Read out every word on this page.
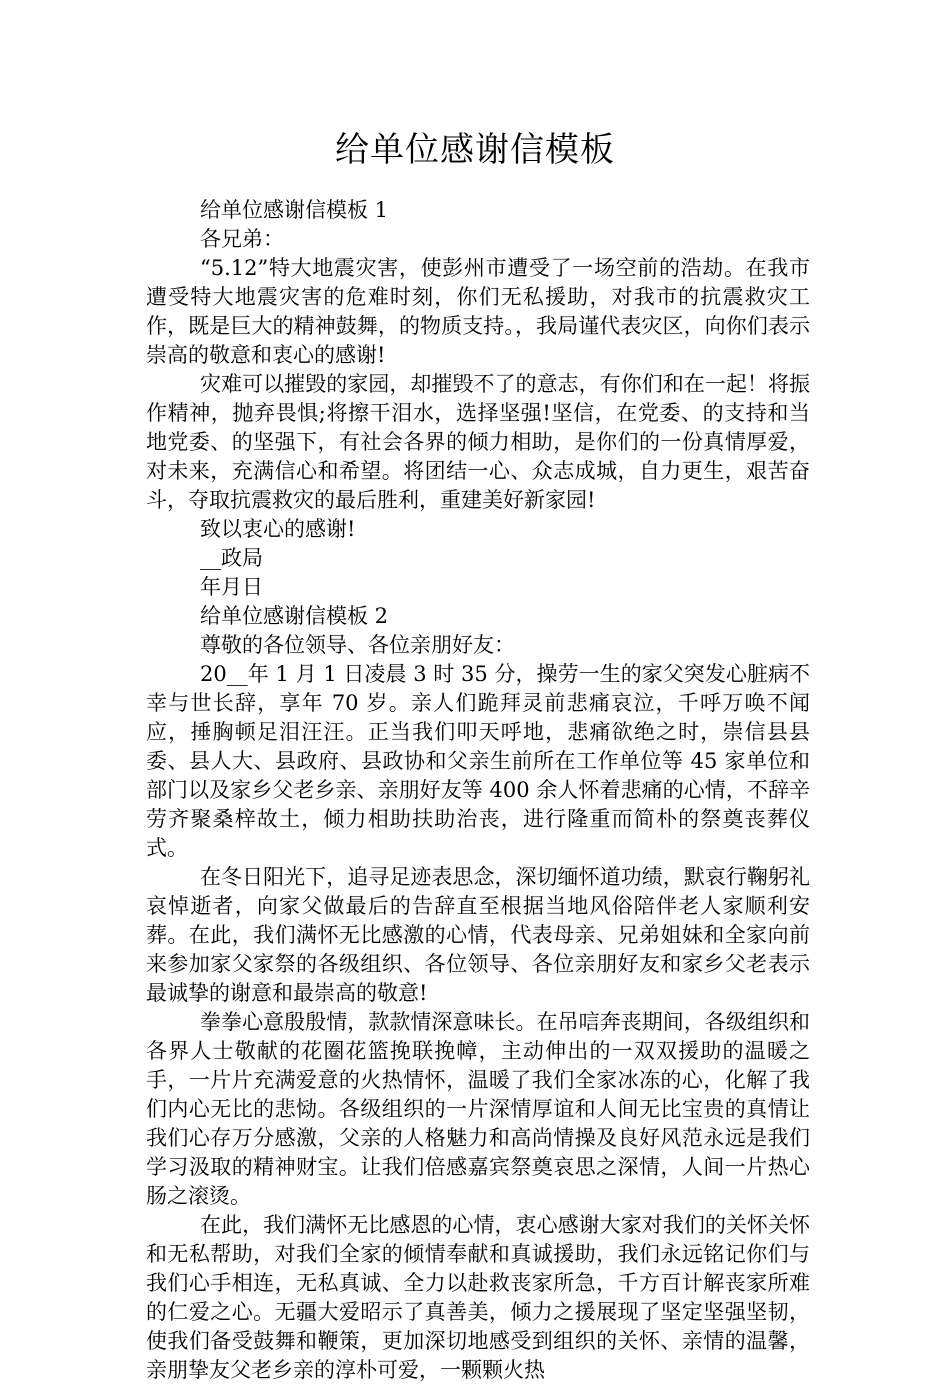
给单位感谢信模板

给单位感谢信模板 1

各兄弟：

“5.12”特大地震灾害，使彭州市遭受了一场空前的浩劫。在我市遭受特大地震灾害的危难时刻，你们无私援助，对我市的抗震救灾工作，既是巨大的精神鼓舞，的物质支持。，我局谨代表灾区，向你们表示崇高的敬意和衷心的感谢!

灾难可以摧毁的家园，却摧毁不了的意志，有你们和在一起！将振作精神，抛弃畏惧;将擦干泪水，选择坚强!坚信，在党委、的支持和当地党委、的坚强下，有社会各界的倾力相助，是你们的一份真情厚爱，对未来，充满信心和希望。将团结一心、众志成城，自力更生，艰苦奋斗，夺取抗震救灾的最后胜利，重建美好新家园!

致以衷心的感谢!

__政局

年月日

给单位感谢信模板 2

尊敬的各位领导、各位亲朋好友：

20__年 1 月 1 日凌晨 3 时 35 分，操劳一生的家父突发心脏病不幸与世长辞，享年 70 岁。亲人们跪拜灵前悲痛哀泣，千呼万唤不闻应，捶胸顿足泪汪汪。正当我们叩天呼地，悲痛欲绝之时，崇信县县委、县人大、县政府、县政协和父亲生前所在工作单位等 45 家单位和部门以及家乡父老乡亲、亲朋好友等 400 余人怀着悲痛的心情，不辞辛劳齐聚桑梓故土，倾力相助扶助治丧，进行隆重而简朴的祭奠丧葬仪式。

在冬日阳光下，追寻足迹表思念，深切缅怀道功绩，默哀行鞠躬礼哀悼逝者，向家父做最后的告辞直至根据当地风俗陪伴老人家顺利安葬。在此，我们满怀无比感激的心情，代表母亲、兄弟姐妹和全家向前来参加家父家祭的各级组织、各位领导、各位亲朋好友和家乡父老表示最诚挚的谢意和最崇高的敬意!

拳拳心意殷殷情，款款情深意味长。在吊唁奔丧期间，各级组织和各界人士敬献的花圈花篮挽联挽幛，主动伸出的一双双援助的温暖之手，一片片充满爱意的火热情怀，温暖了我们全家冰冻的心，化解了我们内心无比的悲恸。各级组织的一片深情厚谊和人间无比宝贵的真情让我们心存万分感激，父亲的人格魅力和高尚情操及良好风范永远是我们学习汲取的精神财宝。让我们倍感嘉宾祭奠哀思之深情，人间一片热心肠之滚烫。

在此，我们满怀无比感恩的心情，衷心感谢大家对我们的关怀关怀和无私帮助，对我们全家的倾情奉献和真诚援助，我们永远铭记你们与我们心手相连，无私真诚、全力以赴救丧家所急，千方百计解丧家所难的仁爱之心。无疆大爱昭示了真善美，倾力之援展现了坚定坚强坚韧，使我们备受鼓舞和鞭策，更加深切地感受到组织的关怀、亲情的温馨，亲朋挚友父老乡亲的淳朴可爱，一颗颗火热
